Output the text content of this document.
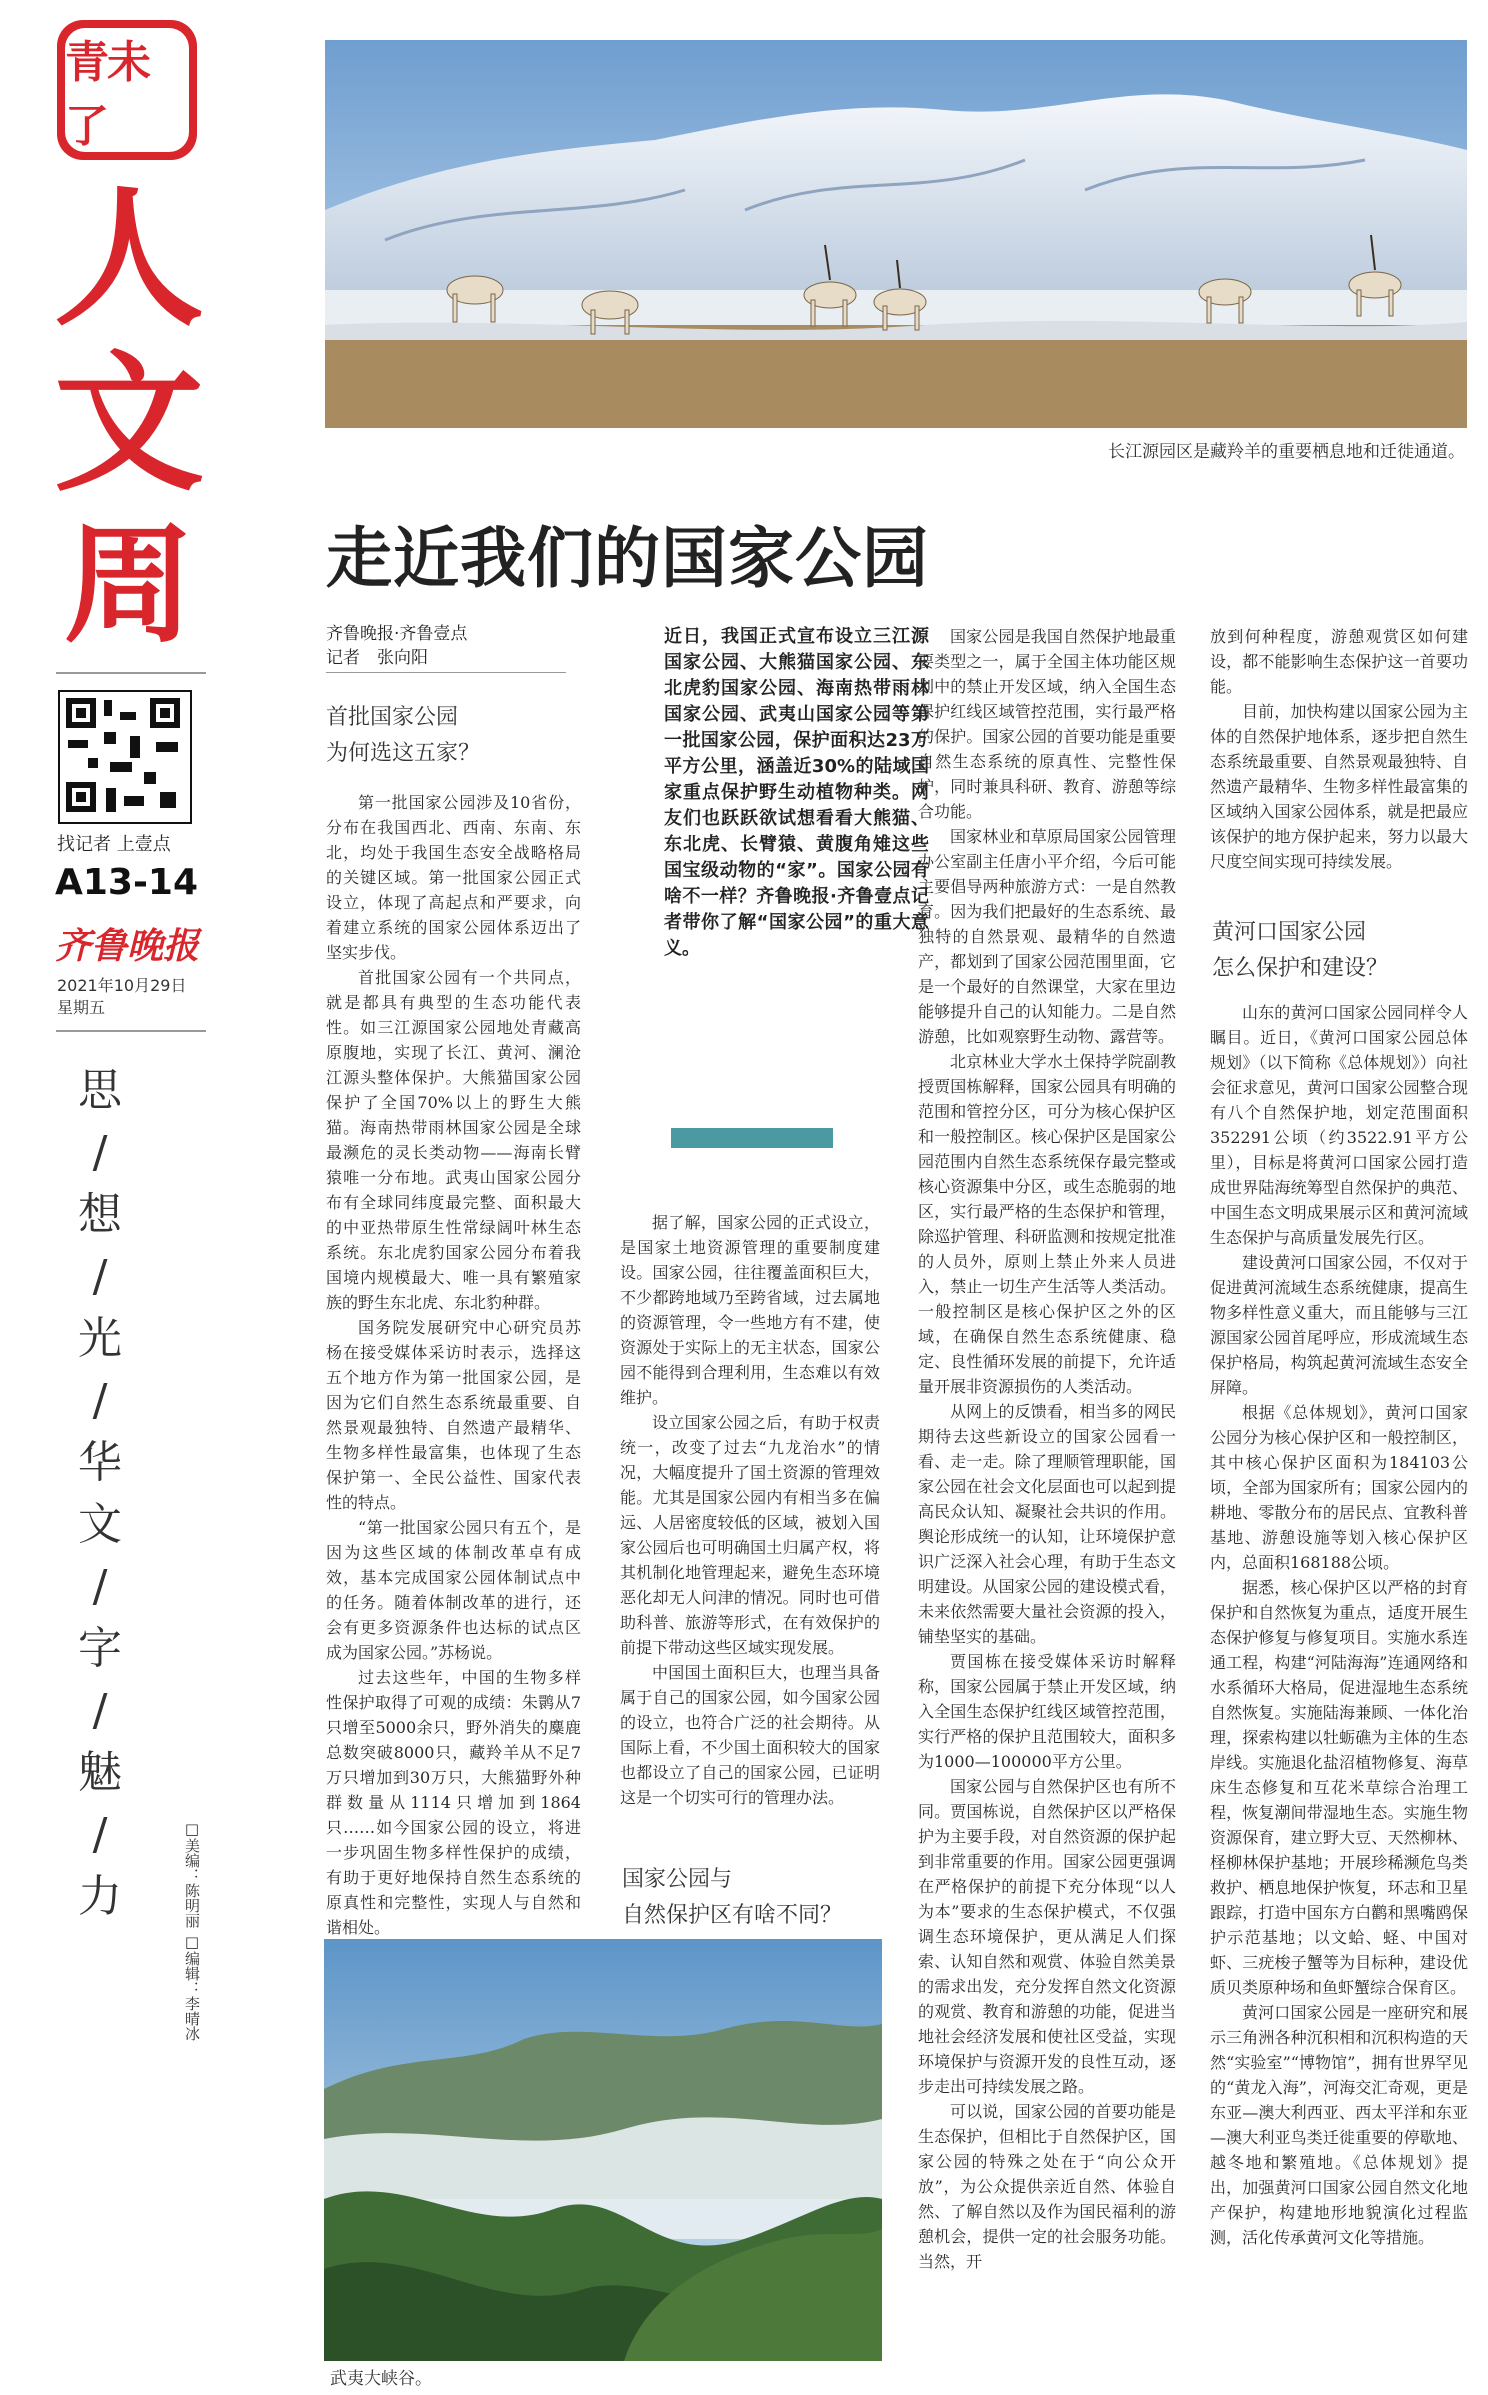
青未了
人
文
周
找记者 上壹点
A13-14
齐鲁晚报
2021年10月29日
星期五
思
/
想
/
光
/
华
文
/
字
/
魅
/
力	□美编：陈明丽 □编辑：李晴冰
长江源园区是藏羚羊的重要栖息地和迁徙通道。
走近我们的国家公园
齐鲁晚报·齐鲁壹点
记者　张向阳
首批国家公园
为何选这五家？

第一批国家公园涉及10省份，分布在我国西北、西南、东南、东北，均处于我国生态安全战略格局的关键区域。第一批国家公园正式设立，体现了高起点和严要求，向着建立系统的国家公园体系迈出了坚实步伐。

首批国家公园有一个共同点，就是都具有典型的生态功能代表性。如三江源国家公园地处青藏高原腹地，实现了长江、黄河、澜沧江源头整体保护。大熊猫国家公园保护了全国70%以上的野生大熊猫。海南热带雨林国家公园是全球最濒危的灵长类动物——海南长臂猿唯一分布地。武夷山国家公园分布有全球同纬度最完整、面积最大的中亚热带原生性常绿阔叶林生态系统。东北虎豹国家公园分布着我国境内规模最大、唯一具有繁殖家族的野生东北虎、东北豹种群。

国务院发展研究中心研究员苏杨在接受媒体采访时表示，选择这五个地方作为第一批国家公园，是因为它们自然生态系统最重要、自然景观最独特、自然遗产最精华、生物多样性最富集，也体现了生态保护第一、全民公益性、国家代表性的特点。

“第一批国家公园只有五个，是因为这些区域的体制改革卓有成效，基本完成国家公园体制试点中的任务。随着体制改革的进行，还会有更多资源条件也达标的试点区成为国家公园。”苏杨说。

过去这些年，中国的生物多样性保护取得了可观的成绩：朱鹮从7只增至5000余只，野外消失的麋鹿总数突破8000只，藏羚羊从不足7万只增加到30万只，大熊猫野外种群数量从1114只增加到1864只……如今国家公园的设立，将进一步巩固生物多样性保护的成绩，有助于更好地保持自然生态系统的原真性和完整性，实现人与自然和谐相处。

近日，我国正式宣布设立三江源国家公园、大熊猫国家公园、东北虎豹国家公园、海南热带雨林国家公园、武夷山国家公园等第一批国家公园，保护面积达23万平方公里，涵盖近30%的陆域国家重点保护野生动植物种类。网友们也跃跃欲试想看看大熊猫、东北虎、长臂猿、黄腹角雉这些国宝级动物的“家”。国家公园有啥不一样？齐鲁晚报·齐鲁壹点记者带你了解“国家公园”的重大意义。

据了解，国家公园的正式设立，是国家土地资源管理的重要制度建设。国家公园，往往覆盖面积巨大，不少都跨地域乃至跨省域，过去属地的资源管理，令一些地方有不建，使资源处于实际上的无主状态，国家公园不能得到合理利用，生态难以有效维护。

设立国家公园之后，有助于权责统一，改变了过去“九龙治水”的情况，大幅度提升了国土资源的管理效能。尤其是国家公园内有相当多在偏远、人居密度较低的区域，被划入国家公园后也可明确国土归属产权，将其机制化地管理起来，避免生态环境恶化却无人问津的情况。同时也可借助科普、旅游等形式，在有效保护的前提下带动这些区域实现发展。

中国国土面积巨大，也理当具备属于自己的国家公园，如今国家公园的设立，也符合广泛的社会期待。从国际上看，不少国土面积较大的国家也都设立了自己的国家公园，已证明这是一个切实可行的管理办法。

国家公园与
自然保护区有啥不同？
武夷大峡谷。

国家公园是我国自然保护地最重要类型之一，属于全国主体功能区规划中的禁止开发区域，纳入全国生态保护红线区域管控范围，实行最严格的保护。国家公园的首要功能是重要自然生态系统的原真性、完整性保护，同时兼具科研、教育、游憩等综合功能。

国家林业和草原局国家公园管理办公室副主任唐小平介绍，今后可能主要倡导两种旅游方式：一是自然教育。因为我们把最好的生态系统、最独特的自然景观、最精华的自然遗产，都划到了国家公园范围里面，它是一个最好的自然课堂，大家在里边能够提升自己的认知能力。二是自然游憩，比如观察野生动物、露营等。

北京林业大学水土保持学院副教授贾国栋解释，国家公园具有明确的范围和管控分区，可分为核心保护区和一般控制区。核心保护区是国家公园范围内自然生态系统保存最完整或核心资源集中分区，或生态脆弱的地区，实行最严格的生态保护和管理，除巡护管理、科研监测和按规定批准的人员外，原则上禁止外来人员进入，禁止一切生产生活等人类活动。一般控制区是核心保护区之外的区域，在确保自然生态系统健康、稳定、良性循环发展的前提下，允许适量开展非资源损伤的人类活动。

从网上的反馈看，相当多的网民期待去这些新设立的国家公园看一看、走一走。除了理顺管理职能，国家公园在社会文化层面也可以起到提高民众认知、凝聚社会共识的作用。舆论形成统一的认知，让环境保护意识广泛深入社会心理，有助于生态文明建设。从国家公园的建设模式看，未来依然需要大量社会资源的投入，铺垫坚实的基础。

贾国栋在接受媒体采访时解释称，国家公园属于禁止开发区域，纳入全国生态保护红线区域管控范围，实行严格的保护且范围较大，面积多为1000—100000平方公里。

国家公园与自然保护区也有所不同。贾国栋说，自然保护区以严格保护为主要手段，对自然资源的保护起到非常重要的作用。国家公园更强调在严格保护的前提下充分体现“以人为本”要求的生态保护模式，不仅强调生态环境保护，更从满足人们探索、认知自然和观赏、体验自然美景的需求出发，充分发挥自然文化资源的观赏、教育和游憩的功能，促进当地社会经济发展和使社区受益，实现环境保护与资源开发的良性互动，逐步走出可持续发展之路。

可以说，国家公园的首要功能是生态保护，但相比于自然保护区，国家公园的特殊之处在于“向公众开放”，为公众提供亲近自然、体验自然、了解自然以及作为国民福利的游憩机会，提供一定的社会服务功能。当然，开

放到何种程度，游憩观赏区如何建设，都不能影响生态保护这一首要功能。

目前，加快构建以国家公园为主体的自然保护地体系，逐步把自然生态系统最重要、自然景观最独特、自然遗产最精华、生物多样性最富集的区域纳入国家公园体系，就是把最应该保护的地方保护起来，努力以最大尺度空间实现可持续发展。

黄河口国家公园
怎么保护和建设？

山东的黄河口国家公园同样令人瞩目。近日，《黄河口国家公园总体规划》（以下简称《总体规划》）向社会征求意见，黄河口国家公园整合现有八个自然保护地，划定范围面积352291公顷（约3522.91平方公里），目标是将黄河口国家公园打造成世界陆海统筹型自然保护的典范、中国生态文明成果展示区和黄河流域生态保护与高质量发展先行区。

建设黄河口国家公园，不仅对于促进黄河流域生态系统健康，提高生物多样性意义重大，而且能够与三江源国家公园首尾呼应，形成流域生态保护格局，构筑起黄河流域生态安全屏障。

根据《总体规划》，黄河口国家公园分为核心保护区和一般控制区，其中核心保护区面积为184103公顷，全部为国家所有；国家公园内的耕地、零散分布的居民点、宜教科普基地、游憩设施等划入核心保护区内，总面积168188公顷。

据悉，核心保护区以严格的封育保护和自然恢复为重点，适度开展生态保护修复与修复项目。实施水系连通工程，构建“河陆海海”连通网络和水系循环大格局，促进湿地生态系统自然恢复。实施陆海兼顾、一体化治理，探索构建以牡蛎礁为主体的生态岸线。实施退化盐沼植物修复、海草床生态修复和互花米草综合治理工程，恢复潮间带湿地生态。实施生物资源保育，建立野大豆、天然柳林、柽柳林保护基地；开展珍稀濒危鸟类救护、栖息地保护恢复，环志和卫星跟踪，打造中国东方白鹳和黑嘴鸥保护示范基地；以文蛤、蛏、中国对虾、三疣梭子蟹等为目标种，建设优质贝类原种场和鱼虾蟹综合保育区。

黄河口国家公园是一座研究和展示三角洲各种沉积相和沉积构造的天然“实验室”“博物馆”，拥有世界罕见的“黄龙入海”，河海交汇奇观，更是东亚—澳大利西亚、西太平洋和东亚—澳大利亚鸟类迁徙重要的停歇地、越冬地和繁殖地。《总体规划》提出，加强黄河口国家公园自然文化地产保护，构建地形地貌演化过程监测，活化传承黄河文化等措施。
